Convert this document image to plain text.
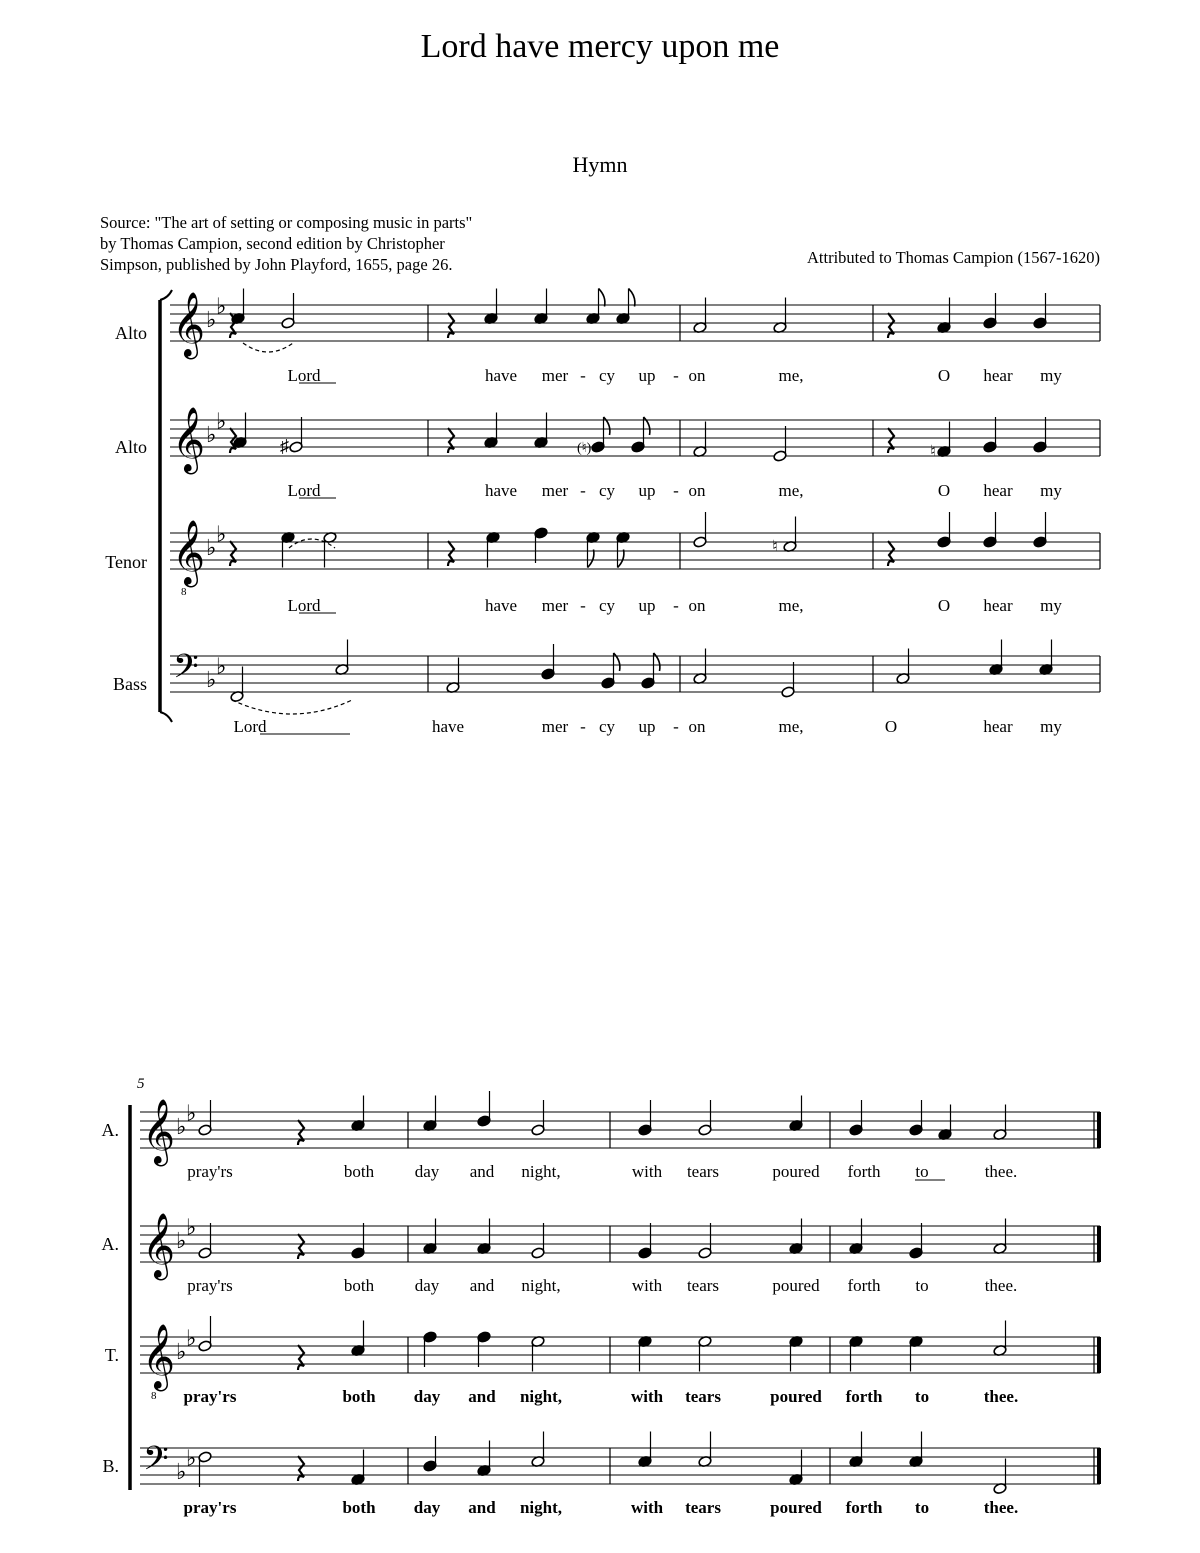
Lord have mercy upon me
Hymn
Source: "The art of setting or composing music in parts"
by Thomas Campion, second edition by Christopher
Simpson, published by John Playford, 1655, page 26.	Attributed to Thomas Campion (1567-1620)
Alto
Alto
Tenor
Bass
5
A.
A.
T.
B.
𝄞 ♭
♭
𝄞 ♭
♭
𝄞
8
♭
♭
𝄢 ♭
♭
♯	(♮)	♮
♮
𝄞 ♭
♭
𝄞 ♭
♭
𝄞
8
♭
♭
𝄢 ♭
♭
Lord	have mer - cy up - on	me,	O hear my
Lord	have mer - cy up - on	me,	O hear my
Lord	have mer - cy up - on	me,	O hear my
Lord	have	mer - cy up - on	me,	O	hear my
pray'rs	both day and night,	with tears	poured forth to	thee.
pray'rs	both day and night,	with tears	poured forth to	thee.
pray'rs	both day and night,	with tears	poured forth to	thee.
pray'rs	both day and night,	with tears	poured forth to	thee.
